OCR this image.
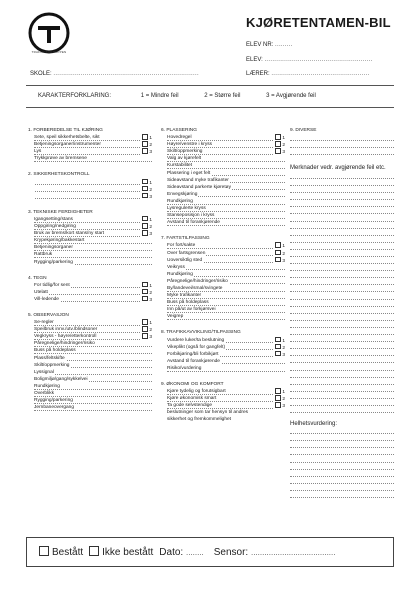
TRAFIKKTOGRUPPEN
KJØRETENTAMEN-BIL
ELEV NR: .........
ELEV: .......................................................
SKOLE: ..........................................................................	LÆRER: ..................................................
KARAKTERFORKLARING:	1 = Mindre feil	2 = Større feil	3 = Avgjørende feil
1. FORBEREDELSE TIL KJØRING
Sete, speil sikkerhetsbelte, sikt	1
Betjeningsorganer/instrumenter	2
Lys	3
Trykkprøve av bremsene
2. SIKKERHETSKONTROLL
1
2
3
3. TEKNISKE FERDIGHETER
Igangsetting/stans	1
Oppgiring/nedgiring	2
Bruk av brems/kort stans/ny start	3
Krypekjøring/bakkestart
Betjeningsorganer
Rattbruk
Rygging/parkering
4. TEGN
For tidlig/for sent	1
Utelatt	2
Vill-ledende	3
5. OBSERVASJON
Se-regler	1
Speilbruk innv./utv./blindsoner	2
Vegkryss - høyre/etterkontroll	3
Påregnelige/hindringer/risiko
Buss på holdeplass
Plass/feltskifte
Skilt/oppmerking
Lyssignal
Boligmiljø/gang/sykkelvei
Rundkjøring
Overblikk
Rygging/parkering
Jernbaneovergang
6. PLASSERING
Hovedregel	1
Høyre/venstre i kryss	2
Skilt/oppmerking	3
Valg av kjørefelt
Kurstabilitet
Plassering i eget felt
Sideavstand myke trafikanter
Sideavstand parkerte kjøretøy
Envegskjøring
Rundkjøring
Lysregulerte kryss
Stanseposisjon i kryss
Avstand til forankjørende
7. FARTSTILPASSING
For fort/sakte	1
Over fartsgrensen	2
Uoversiktlig sted	3
Veikryss
Rundkjøring
Påregnelige/hindringer/risiko
By/landevei/smal/svingete
Myke trafikanter
Buss på holdeplass
Inn på/ut av forkjørsvei
Veigrep
8. TRAFIKKAVVIKLING/TILPASSING
Vurdere luker/ta beslutning	1
Vikeplikt (også for gangfelt)	2
Forbikjøring/bli forbikjørt	3
Avstand til forankjørende
Risiko/vurdering
9. ØKONOMI OG KOMFORT
Kjøre tydelig og forutsigbart	1
Kjøre økonomisk smart	2
Ta gode selvstendige	3
beslutninger som tar hensyn til andres
sikkerhet og fremkommelighet
9. DIVERSE
Merknader vedr. avgjørende feil etc.
Helhetsvurdering:
Bestått	Ikke bestått Dato: ........ Sensor: ......................................
